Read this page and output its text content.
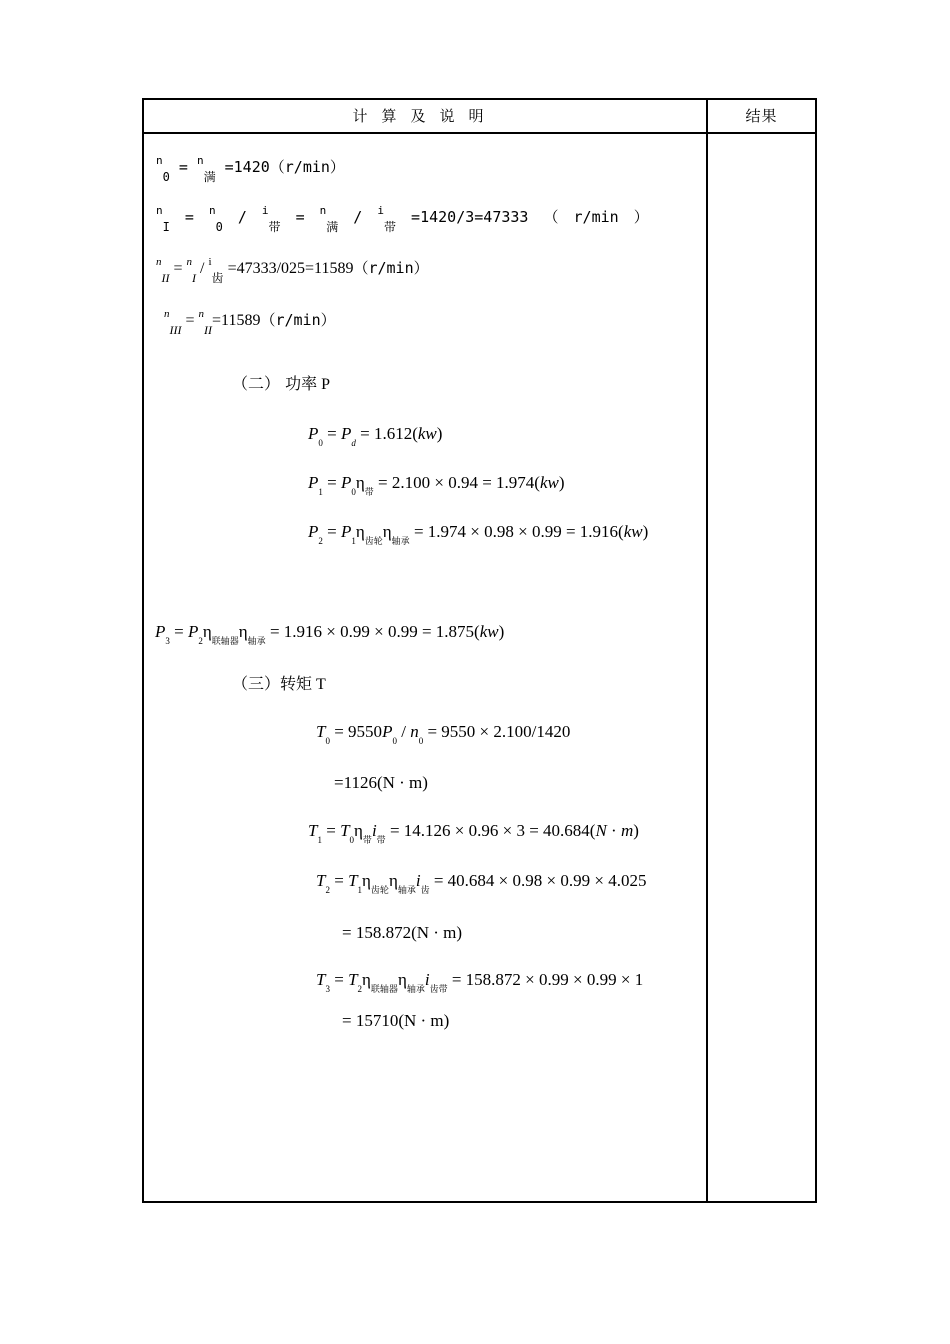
计算及说明	结果
$^n_0$ = $^n_满$ =1420（r/min）
$^n_I$ = $^n_0$ / $^i_带$ = $^n_满$ / $^i_带$ =1420/3=47333 （ r/min ）
$^n_{II}$ = $^n_I$ / $^i_齿$ =47333/025=11589（r/min）
$^n_{III}$ = $^n_{II}$=11589（r/min）
（二） 功率 P
$P_0 = P_d = 1.612(kw)$
$P_1 = P_0\eta_带 = 2.100 \times 0.94 = 1.974(kw)$
$P_2 = P_1\eta_{齿轮}\eta_{轴承} = 1.974 \times 0.98 \times 0.99 = 1.916(kw)$
$P_3 = P_2\eta_{联轴器}\eta_{轴承} = 1.916 \times 0.99 \times 0.99 = 1.875(kw)$
（三）转矩 T
$T_0 = 9550P_0 / n_0 = 9550 \times 2.100/1420$
=1126(N · m)
$T_1 = T_0\eta_带i_带 = 14.126 \times 0.96 \times 3 = 40.684(N \cdot m)$
$T_2 = T_1\eta_{齿轮}\eta_{轴承}i_齿 = 40.684 \times 0.98 \times 0.99 \times 4.025$
= 158.872(N · m)
$T_3 = T_2\eta_{联轴器}\eta_{轴承}i_{齿带} = 158.872 \times 0.99 \times 0.99 \times 1$
= 15710(N · m)
